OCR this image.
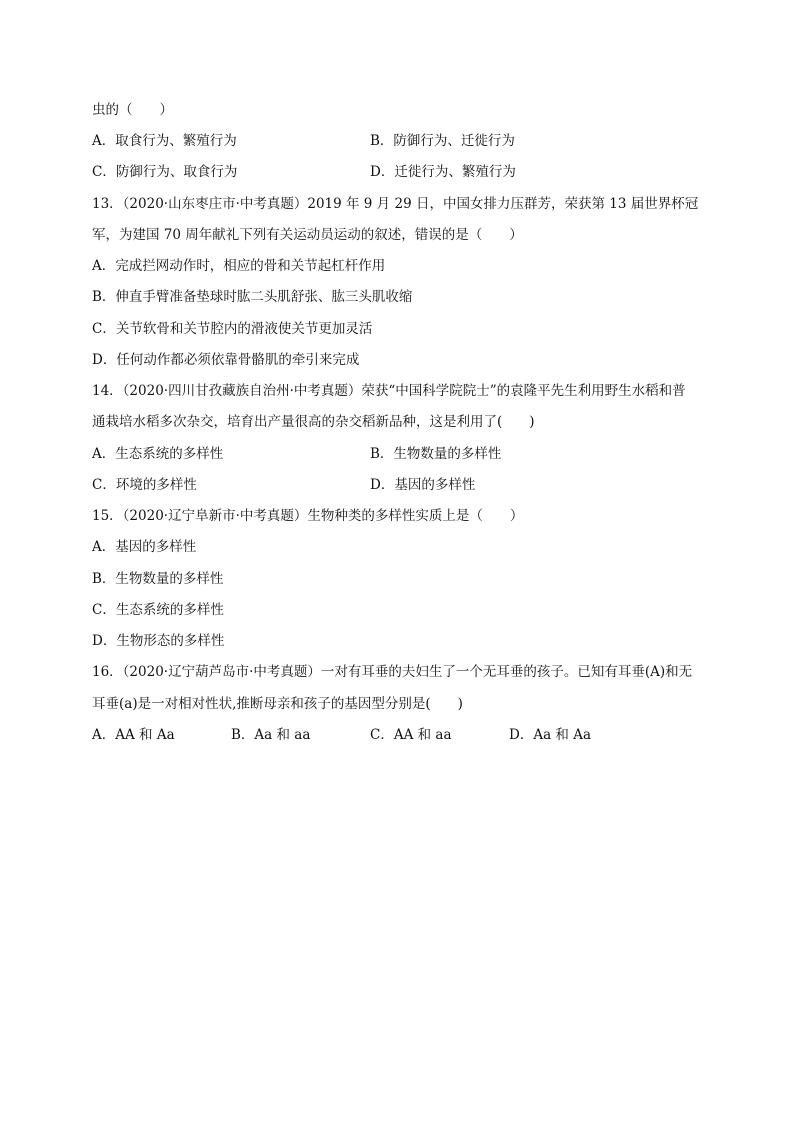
虫的（　　）
A．取食行为、繁殖行为	B．防御行为、迁徙行为
C．防御行为、取食行为	D．迁徙行为、繁殖行为
13．（2020·山东枣庄市·中考真题）2019 年 9 月 29 日，中国女排力压群芳，荣获第 13 届世界杯冠
军，为建国 70 周年献礼下列有关运动员运动的叙述，错误的是（　　）
A．完成拦网动作时，相应的骨和关节起杠杆作用
B．伸直手臂准备垫球时肱二头肌舒张、肱三头肌收缩
C．关节软骨和关节腔内的滑液使关节更加灵活
D．任何动作都必须依靠骨骼肌的牵引来完成
14．（2020·四川甘孜藏族自治州·中考真题）荣获“中国科学院院士”的袁隆平先生利用野生水稻和普
通栽培水稻多次杂交，培育出产量很高的杂交稻新品种，这是利用了(　　)
A．生态系统的多样性	B．生物数量的多样性
C．环境的多样性	D．基因的多样性
15．（2020·辽宁阜新市·中考真题）生物种类的多样性实质上是（　　）
A．基因的多样性
B．生物数量的多样性
C．生态系统的多样性
D．生物形态的多样性
16．（2020·辽宁葫芦岛市·中考真题）一对有耳垂的夫妇生了一个无耳垂的孩子。已知有耳垂(A)和无
耳垂(a)是一对相对性状,推断母亲和孩子的基因型分别是(　　)
A．AA 和 Aa	B．Aa 和 aa	C．AA 和 aa	D．Aa 和 Aa
